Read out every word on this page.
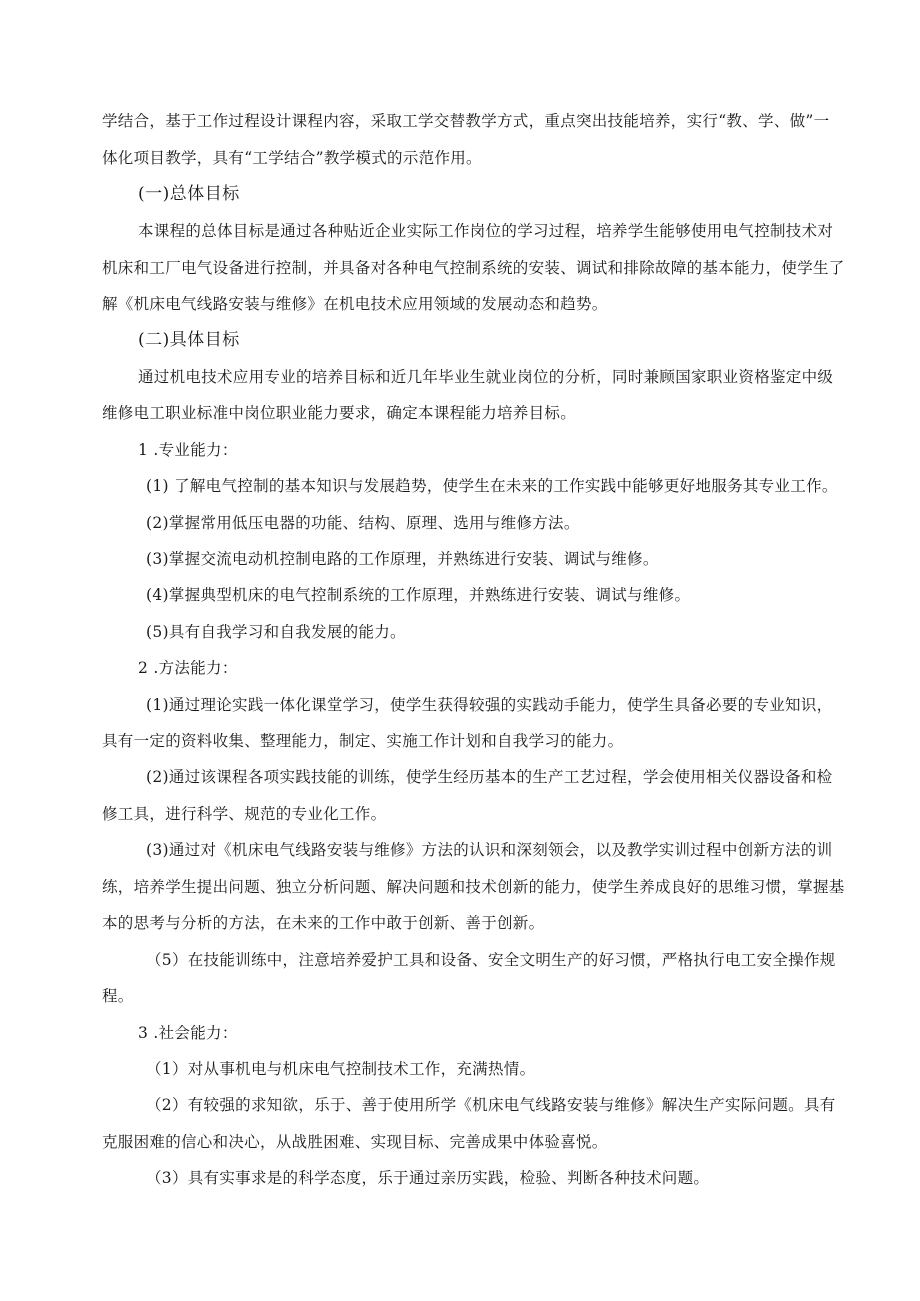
学结合，基于工作过程设计课程内容，采取工学交替教学方式，重点突出技能培养，实行“教、学、做”一
体化项目教学，具有“工学结合”教学模式的示范作用。
(一)总体目标
本课程的总体目标是通过各种贴近企业实际工作岗位的学习过程，培养学生能够使用电气控制技术对
机床和工厂电气设备进行控制，并具备对各种电气控制系统的安装、调试和排除故障的基本能力，使学生了
解《机床电气线路安装与维修》在机电技术应用领域的发展动态和趋势。
(二)具体目标
通过机电技术应用专业的培养目标和近几年毕业生就业岗位的分析，同时兼顾国家职业资格鉴定中级
维修电工职业标准中岗位职业能力要求，确定本课程能力培养目标。
1 .专业能力：
(1) 了解电气控制的基本知识与发展趋势，使学生在未来的工作实践中能够更好地服务其专业工作。
(2)掌握常用低压电器的功能、结构、原理、选用与维修方法。
(3)掌握交流电动机控制电路的工作原理，并熟练进行安装、调试与维修。
(4)掌握典型机床的电气控制系统的工作原理，并熟练进行安装、调试与维修。
(5)具有自我学习和自我发展的能力。
2 .方法能力：
(1)通过理论实践一体化课堂学习，使学生获得较强的实践动手能力，使学生具备必要的专业知识，
具有一定的资料收集、整理能力，制定、实施工作计划和自我学习的能力。
(2)通过该课程各项实践技能的训练，使学生经历基本的生产工艺过程，学会使用相关仪器设备和检
修工具，进行科学、规范的专业化工作。
(3)通过对《机床电气线路安装与维修》方法的认识和深刻领会，以及教学实训过程中创新方法的训
练，培养学生提出问题、独立分析问题、解决问题和技术创新的能力，使学生养成良好的思维习惯，掌握基
本的思考与分析的方法，在未来的工作中敢于创新、善于创新。
（5）在技能训练中，注意培养爱护工具和设备、安全文明生产的好习惯，严格执行电工安全操作规
程。
3 .社会能力：
（1）对从事机电与机床电气控制技术工作，充满热情。
（2）有较强的求知欲，乐于、善于使用所学《机床电气线路安装与维修》解决生产实际问题。具有
克服困难的信心和决心，从战胜困难、实现目标、完善成果中体验喜悦。
（3）具有实事求是的科学态度，乐于通过亲历实践，检验、判断各种技术问题。
